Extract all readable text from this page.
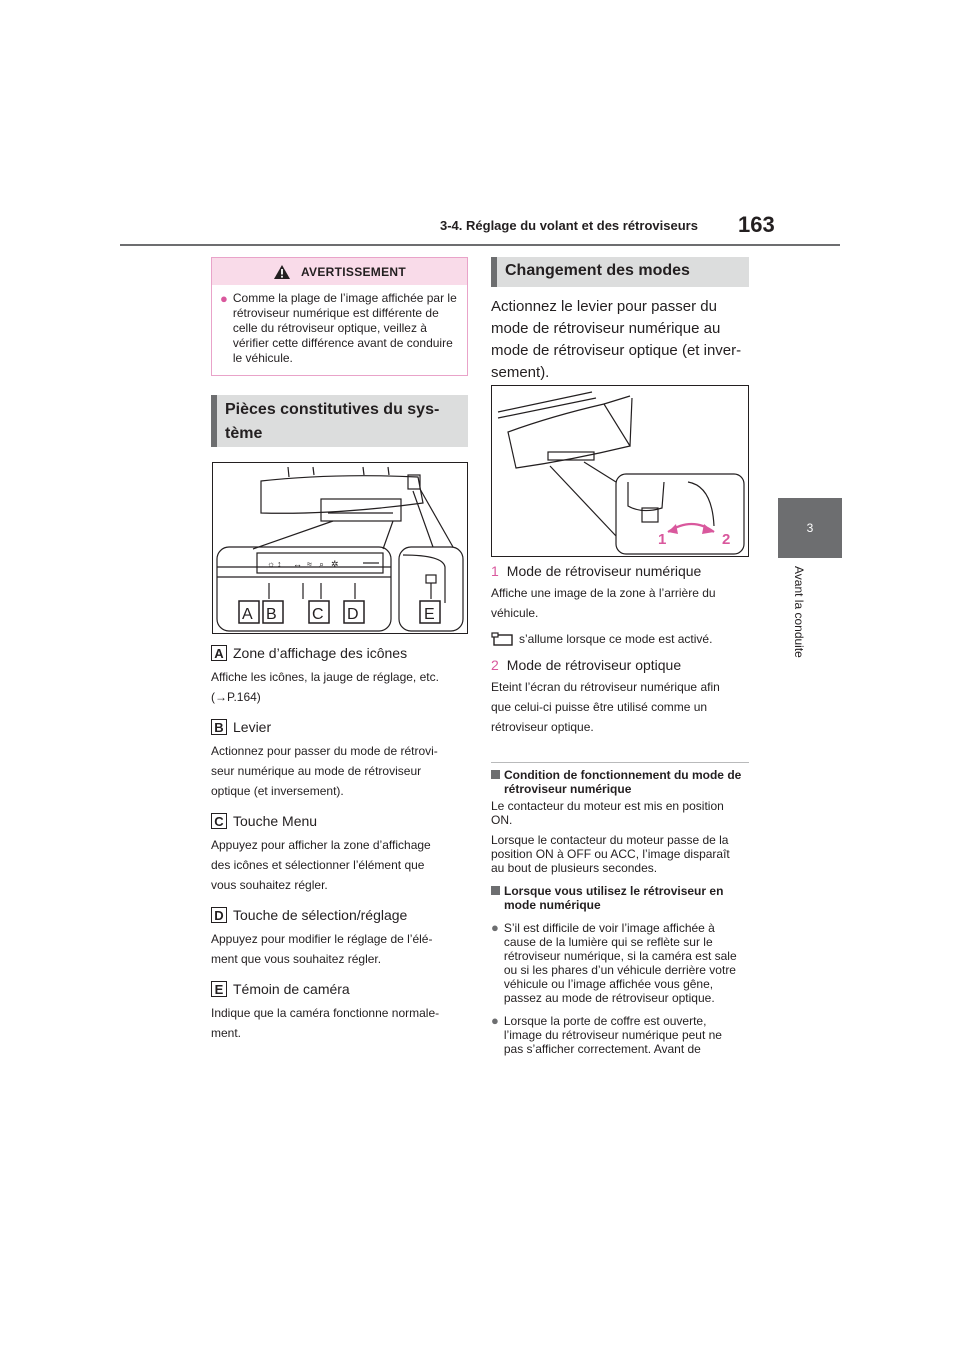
3-4. Réglage du volant et des rétroviseurs 163
3
Avant la conduite
AVERTISSEMENT
● Comme la plage de l’image affichée par le rétroviseur numérique est différente de celle du rétroviseur optique, veillez à vérifier cette différence avant de conduire le véhicule.
Pièces constitutives du sys-
tème
☼ ↕ ↔ ≈ ⌕ ✲
A B C D	E
A Zone d’affichage des icônes
Affiche les icônes, la jauge de réglage, etc.
(→P.164)
B Levier
Actionnez pour passer du mode de rétrovi-
seur numérique au mode de rétroviseur
optique (et inversement).
C Touche Menu
Appuyez pour afficher la zone d’affichage
des icônes et sélectionner l’élément que
vous souhaitez régler.
D Touche de sélection/réglage
Appuyez pour modifier le réglage de l’élé-
ment que vous souhaitez régler.
E Témoin de caméra
Indique que la caméra fonctionne normale-
ment.
Changement des modes
Actionnez le levier pour passer du
mode de rétroviseur numérique au
mode de rétroviseur optique (et inver-
sement).
1	2
1 Mode de rétroviseur numérique
Affiche une image de la zone à l’arrière du
véhicule.
s’allume lorsque ce mode est activé.
2 Mode de rétroviseur optique
Eteint l’écran du rétroviseur numérique afin
que celui-ci puisse être utilisé comme un
rétroviseur optique.
Condition de fonctionnement du mode de rétroviseur numérique
Le contacteur du moteur est mis en position ON.
Lorsque le contacteur du moteur passe de la position ON à OFF ou ACC, l’image disparaît au bout de plusieurs secondes.
Lorsque vous utilisez le rétroviseur en mode numérique
● S’il est difficile de voir l’image affichée à cause de la lumière qui se reflète sur le rétroviseur numérique, si la caméra est sale ou si les phares d’un véhicule derrière votre véhicule ou l’image affichée vous gêne, passez au mode de rétroviseur optique.
● Lorsque la porte de coffre est ouverte, l’image du rétroviseur numérique peut ne pas s’afficher correctement. Avant de
